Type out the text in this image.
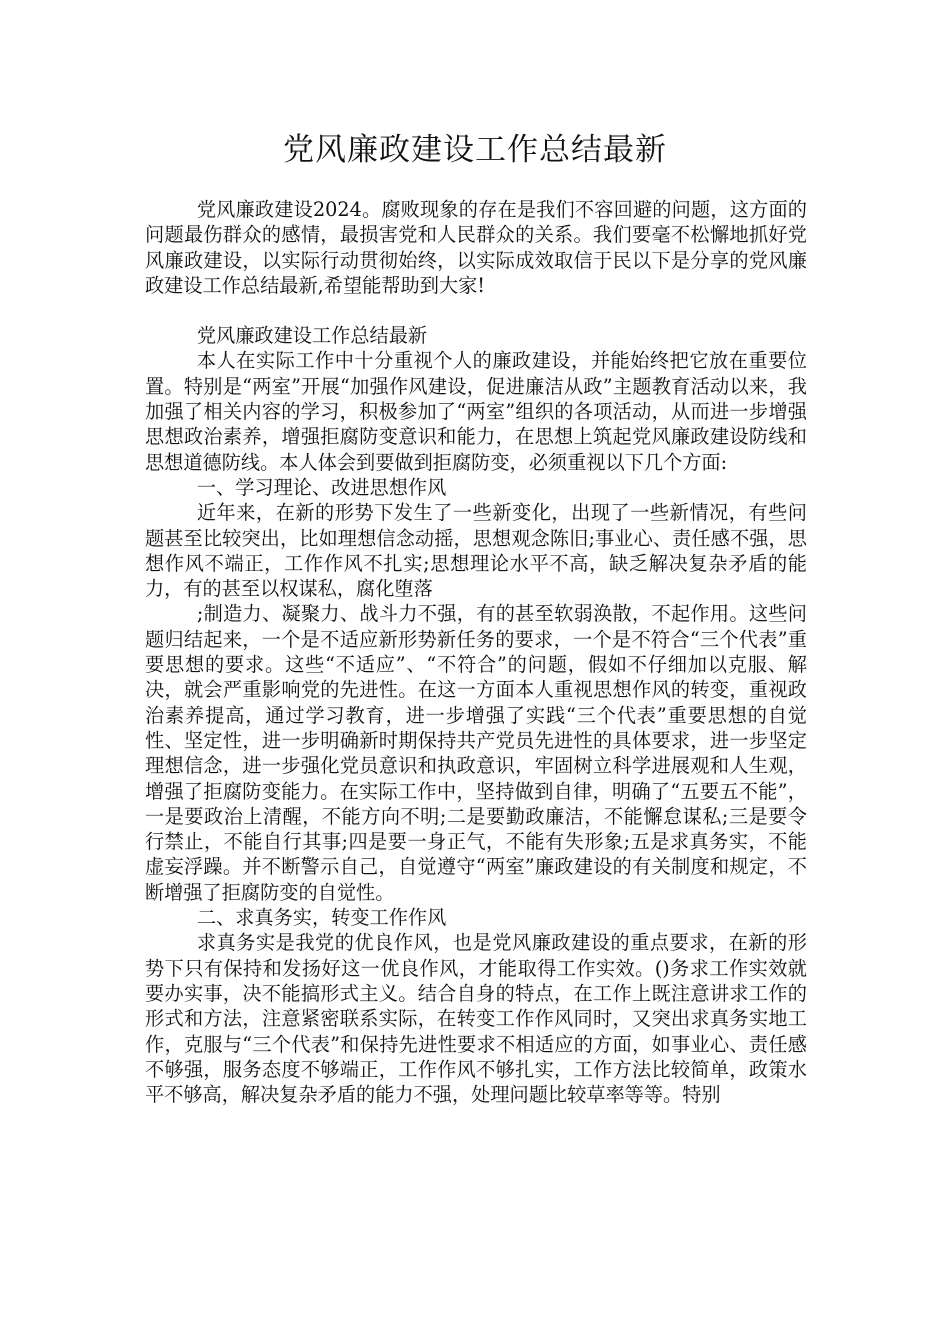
党风廉政建设工作总结最新

党风廉政建设2024。腐败现象的存在是我们不容回避的问题，这方面的问题最伤群众的感情，最损害党和人民群众的关系。我们要毫不松懈地抓好党风廉政建设，以实际行动贯彻始终，以实际成效取信于民以下是分享的党风廉政建设工作总结最新,希望能帮助到大家!

党风廉政建设工作总结最新

本人在实际工作中十分重视个人的廉政建设，并能始终把它放在重要位置。特别是“两室”开展“加强作风建设，促进廉洁从政”主题教育活动以来，我加强了相关内容的学习，积极参加了“两室”组织的各项活动，从而进一步增强思想政治素养，增强拒腐防变意识和能力，在思想上筑起党风廉政建设防线和思想道德防线。本人体会到要做到拒腐防变，必须重视以下几个方面:

一、学习理论、改进思想作风

近年来，在新的形势下发生了一些新变化，出现了一些新情况，有些问题甚至比较突出，比如理想信念动摇，思想观念陈旧;事业心、责任感不强，思想作风不端正，工作作风不扎实;思想理论水平不高，缺乏解决复杂矛盾的能力，有的甚至以权谋私，腐化堕落

;制造力、凝聚力、战斗力不强，有的甚至软弱涣散，不起作用。这些问题归结起来，一个是不适应新形势新任务的要求，一个是不符合“三个代表”重要思想的要求。这些“不适应”、“不符合”的问题，假如不仔细加以克服、解决，就会严重影响党的先进性。在这一方面本人重视思想作风的转变，重视政治素养提高，通过学习教育，进一步增强了实践“三个代表”重要思想的自觉性、坚定性，进一步明确新时期保持共产党员先进性的具体要求，进一步坚定理想信念，进一步强化党员意识和执政意识，牢固树立科学进展观和人生观，增强了拒腐防变能力。在实际工作中，坚持做到自律，明确了“五要五不能”，一是要政治上清醒，不能方向不明;二是要勤政廉洁，不能懈怠谋私;三是要令行禁止，不能自行其事;四是要一身正气，不能有失形象;五是求真务实，不能虚妄浮躁。并不断警示自己，自觉遵守“两室”廉政建设的有关制度和规定，不断增强了拒腐防变的自觉性。

二、求真务实，转变工作作风

求真务实是我党的优良作风，也是党风廉政建设的重点要求，在新的形势下只有保持和发扬好这一优良作风，才能取得工作实效。()务求工作实效就要办实事，决不能搞形式主义。结合自身的特点，在工作上既注意讲求工作的形式和方法，注意紧密联系实际，在转变工作作风同时，又突出求真务实地工作，克服与“三个代表”和保持先进性要求不相适应的方面，如事业心、责任感不够强，服务态度不够端正，工作作风不够扎实，工作方法比较简单，政策水平不够高，解决复杂矛盾的能力不强，处理问题比较草率等等。特别
